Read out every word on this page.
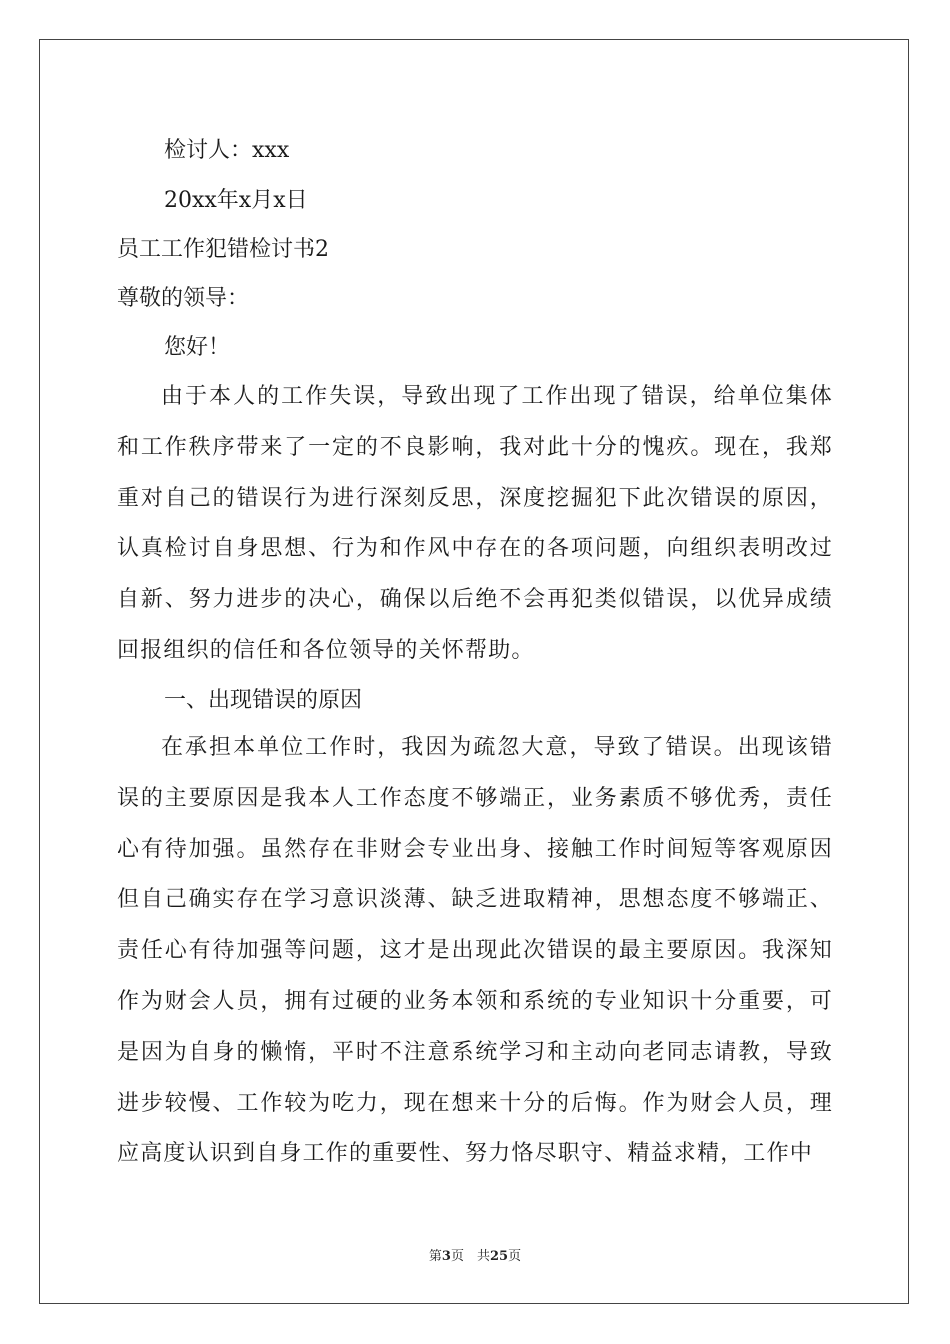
检讨人：xxx
20xx年x月x日
员工工作犯错检讨书2
尊敬的领导：
您好！
由于本人的工作失误，导致出现了工作出现了错误，给单位集体和工作秩序带来了一定的不良影响，我对此十分的愧疚。现在，我郑重对自己的错误行为进行深刻反思，深度挖掘犯下此次错误的原因，认真检讨自身思想、行为和作风中存在的各项问题，向组织表明改过自新、努力进步的决心，确保以后绝不会再犯类似错误，以优异成绩回报组织的信任和各位领导的关怀帮助。
一、出现错误的原因
在承担本单位工作时，我因为疏忽大意，导致了错误。出现该错误的主要原因是我本人工作态度不够端正，业务素质不够优秀，责任心有待加强。虽然存在非财会专业出身、接触工作时间短等客观原因但自己确实存在学习意识淡薄、缺乏进取精神，思想态度不够端正、责任心有待加强等问题，这才是出现此次错误的最主要原因。我深知作为财会人员，拥有过硬的业务本领和系统的专业知识十分重要，可是因为自身的懒惰，平时不注意系统学习和主动向老同志请教，导致进步较慢、工作较为吃力，现在想来十分的后悔。作为财会人员，理应高度认识到自身工作的重要性、努力恪尽职守、精益求精，工作中
第3页　共25页
